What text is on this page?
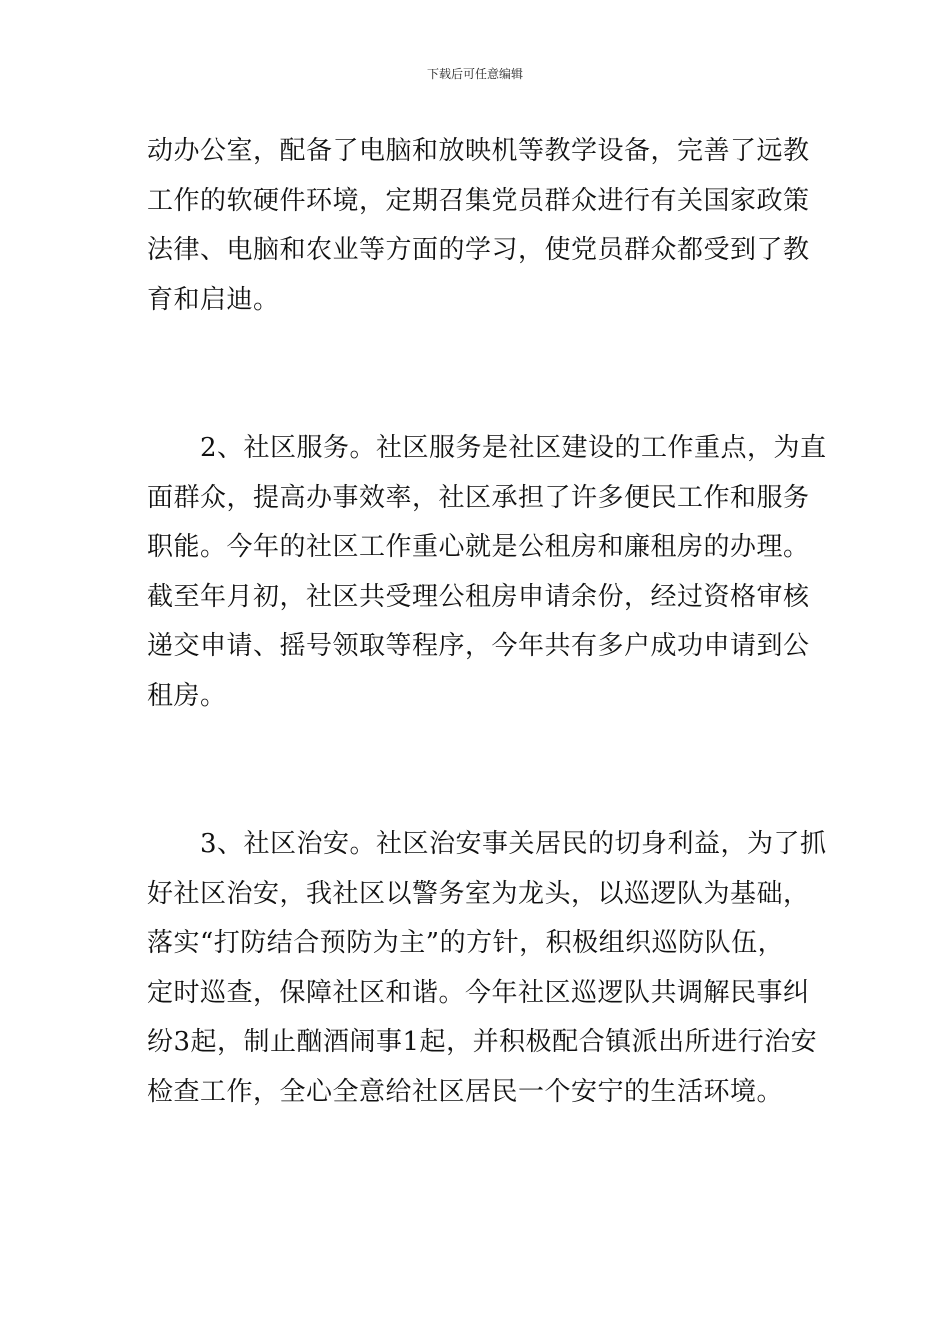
下载后可任意编辑
动办公室，配备了电脑和放映机等教学设备，完善了远教
工作的软硬件环境，定期召集党员群众进行有关国家政策
法律、电脑和农业等方面的学习，使党员群众都受到了教
育和启迪。
　　2、社区服务。社区服务是社区建设的工作重点，为直
面群众，提高办事效率，社区承担了许多便民工作和服务
职能。今年的社区工作重心就是公租房和廉租房的办理。
截至年月初，社区共受理公租房申请余份，经过资格审核
递交申请、摇号领取等程序，今年共有多户成功申请到公
租房。
　　3、社区治安。社区治安事关居民的切身利益，为了抓
好社区治安，我社区以警务室为龙头，以巡逻队为基础，
落实“打防结合预防为主”的方针，积极组织巡防队伍，
定时巡查，保障社区和谐。今年社区巡逻队共调解民事纠
纷3起，制止酗酒闹事1起，并积极配合镇派出所进行治安
检查工作，全心全意给社区居民一个安宁的生活环境。
